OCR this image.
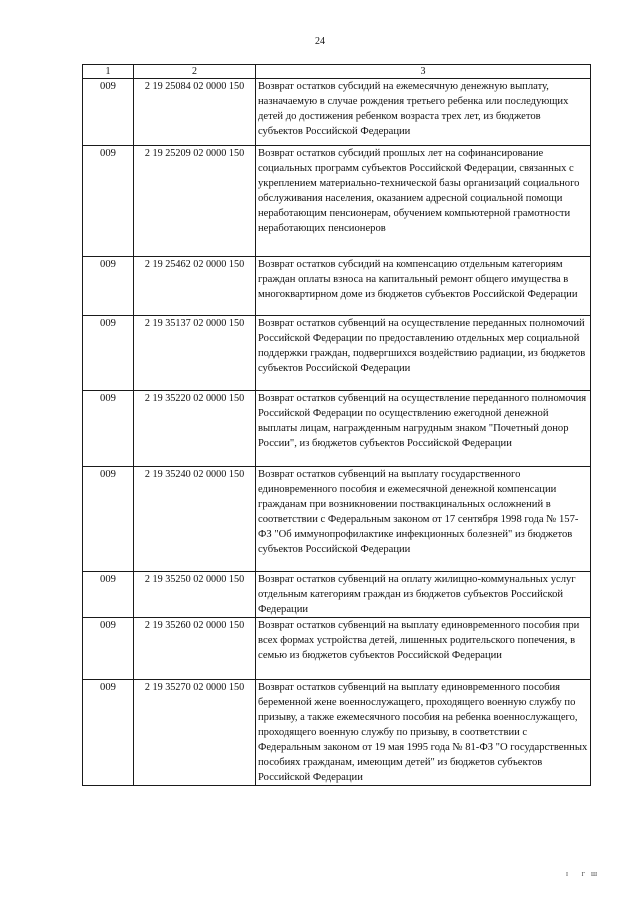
24
1	2	3
009	2 19 25084 02 0000 150	Возврат остатков субсидий на ежемесячную денежную выплату, назначаемую в случае рождения третьего ребенка или последующих детей до достижения ребенком возраста трех лет, из бюджетов субъектов Российской Федерации
009	2 19 25209 02 0000 150	Возврат остатков субсидий прошлых лет на софинансирование социальных программ субъектов Российской Федерации, связанных с укреплением материально-технической базы организаций социального обслуживания населения, оказанием адресной социальной помощи неработающим пенсионерам, обучением компьютерной грамотности неработающих пенсионеров
009	2 19 25462 02 0000 150	Возврат остатков субсидий на компенсацию отдельным категориям граждан оплаты взноса на капитальный ремонт общего имущества в многоквартирном доме из бюджетов субъектов Российской Федерации
009	2 19 35137 02 0000 150	Возврат остатков субвенций на осуществление переданных полномочий Российской Федерации по предоставлению отдельных мер социальной поддержки граждан, подвергшихся воздействию радиации, из бюджетов субъектов Российской Федерации
009	2 19 35220 02 0000 150	Возврат остатков субвенций на осуществление переданного полномочия Российской Федерации по осуществлению ежегодной денежной выплаты лицам, награжденным нагрудным знаком "Почетный донор России", из бюджетов субъектов Российской Федерации
009	2 19 35240 02 0000 150	Возврат остатков субвенций на выплату государственного единовременного пособия и ежемесячной денежной компенсации гражданам при возникновении поствакцинальных осложнений в соответствии с Федеральным законом от 17 сентября 1998 года № 157-ФЗ "Об иммунопрофилактике инфекционных болезней" из бюджетов субъектов Российской Федерации
009	2 19 35250 02 0000 150	Возврат остатков субвенций на оплату жилищно-коммунальных услуг отдельным категориям граждан из бюджетов субъектов Российской Федерации
009	2 19 35260 02 0000 150	Возврат остатков субвенций на выплату единовременного пособия при всех формах устройства детей, лишенных родительского попечения, в семью из бюджетов субъектов Российской Федерации
009	2 19 35270 02 0000 150	Возврат остатков субвенций на выплату единовременного пособия беременной жене военнослужащего, проходящего военную службу по призыву, а также ежемесячного пособия на ребенка военнослужащего, проходящего военную службу по призыву, в соответствии с Федеральным законом от 19 мая 1995 года № 81-ФЗ "О государственных пособиях гражданам, имеющим детей" из бюджетов субъектов Российской Федерации
I ГШ
